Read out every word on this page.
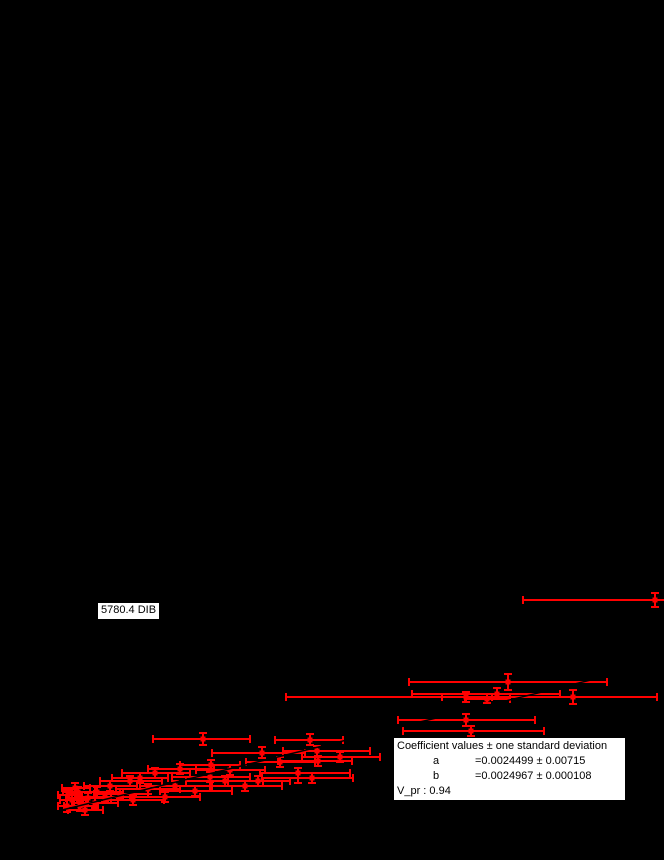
5780.4 DIB
Coefficient values ± one standard deviation
a	=0.0024499 ± 0.00715
b	=0.0024967 ± 0.000108
V_pr : 0.94
